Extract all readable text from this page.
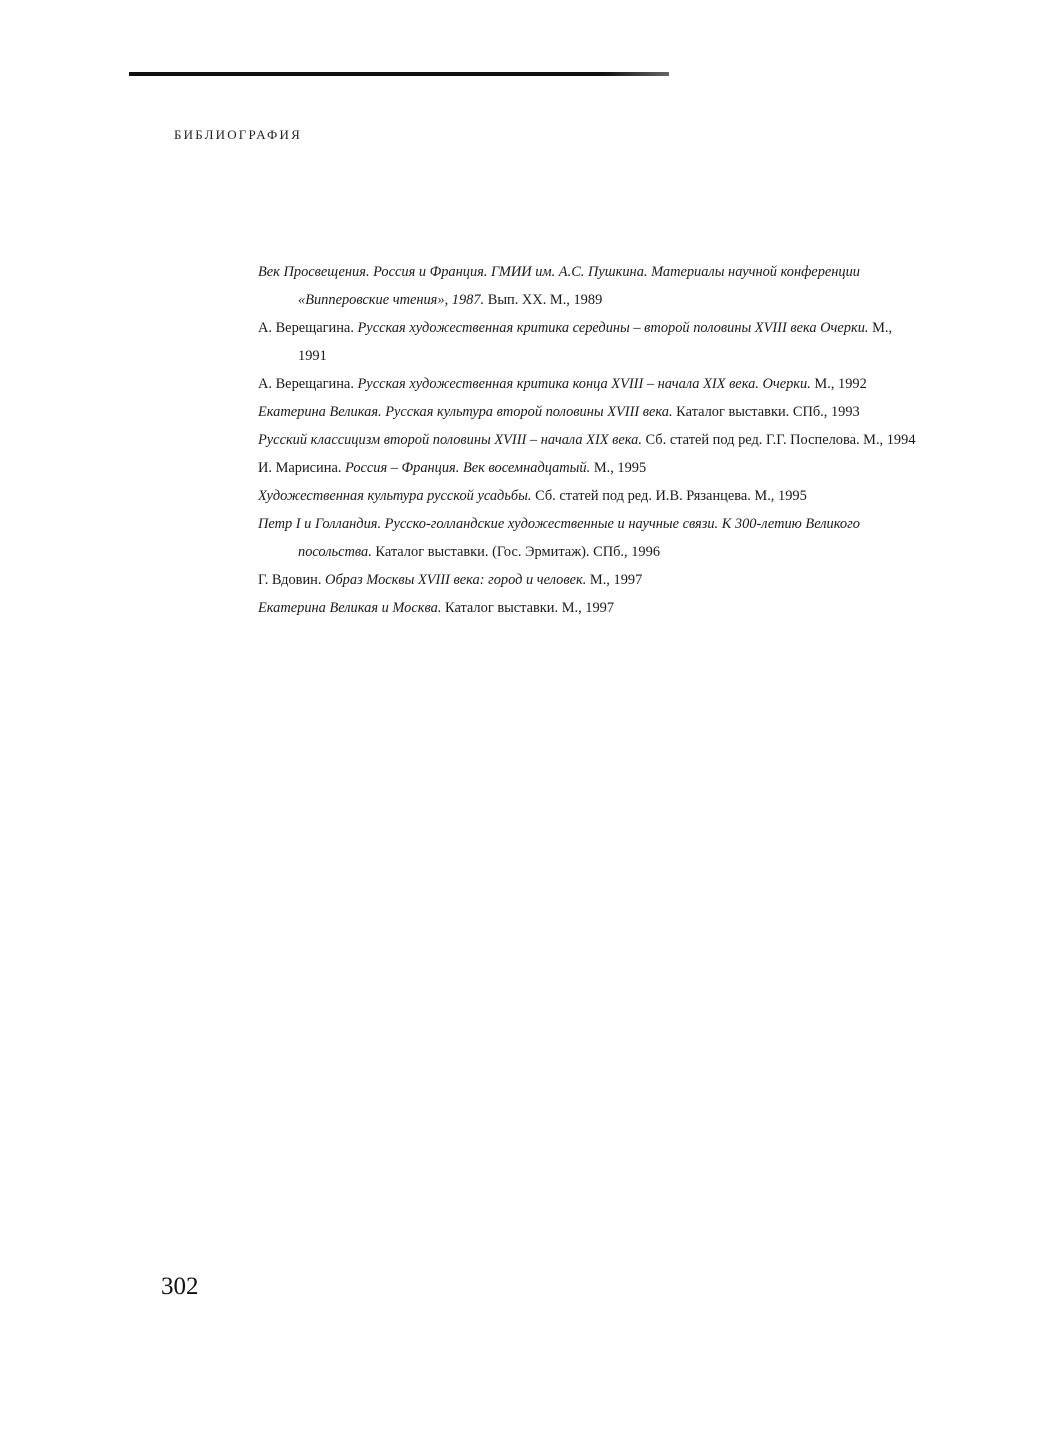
БИБЛИОГРАФИЯ
Век Просвещения. Россия и Франция. ГМИИ им. А.С. Пушкина. Материалы научной конференции «Випперовские чтения», 1987. Вып. XX. М., 1989
А. Верещагина. Русская художественная критика середины – второй половины XVIII века Очерки. М., 1991
А. Верещагина. Русская художественная критика конца XVIII – начала XIX века. Очерки. М., 1992
Екатерина Великая. Русская культура второй половины XVIII века. Каталог выставки. СПб., 1993
Русский классицизм второй половины XVIII – начала XIX века. Сб. статей под ред. Г.Г. Поспелова. М., 1994
И. Марисина. Россия – Франция. Век восемнадцатый. М., 1995
Художественная культура русской усадьбы. Сб. статей под ред. И.В. Рязанцева. М., 1995
Петр I и Голландия. Русско-голландские художественные и научные связи. К 300-летию Великого посольства. Каталог выставки. (Гос. Эрмитаж). СПб., 1996
Г. Вдовин. Образ Москвы XVIII века: город и человек. М., 1997
Екатерина Великая и Москва. Каталог выставки. М., 1997
302
